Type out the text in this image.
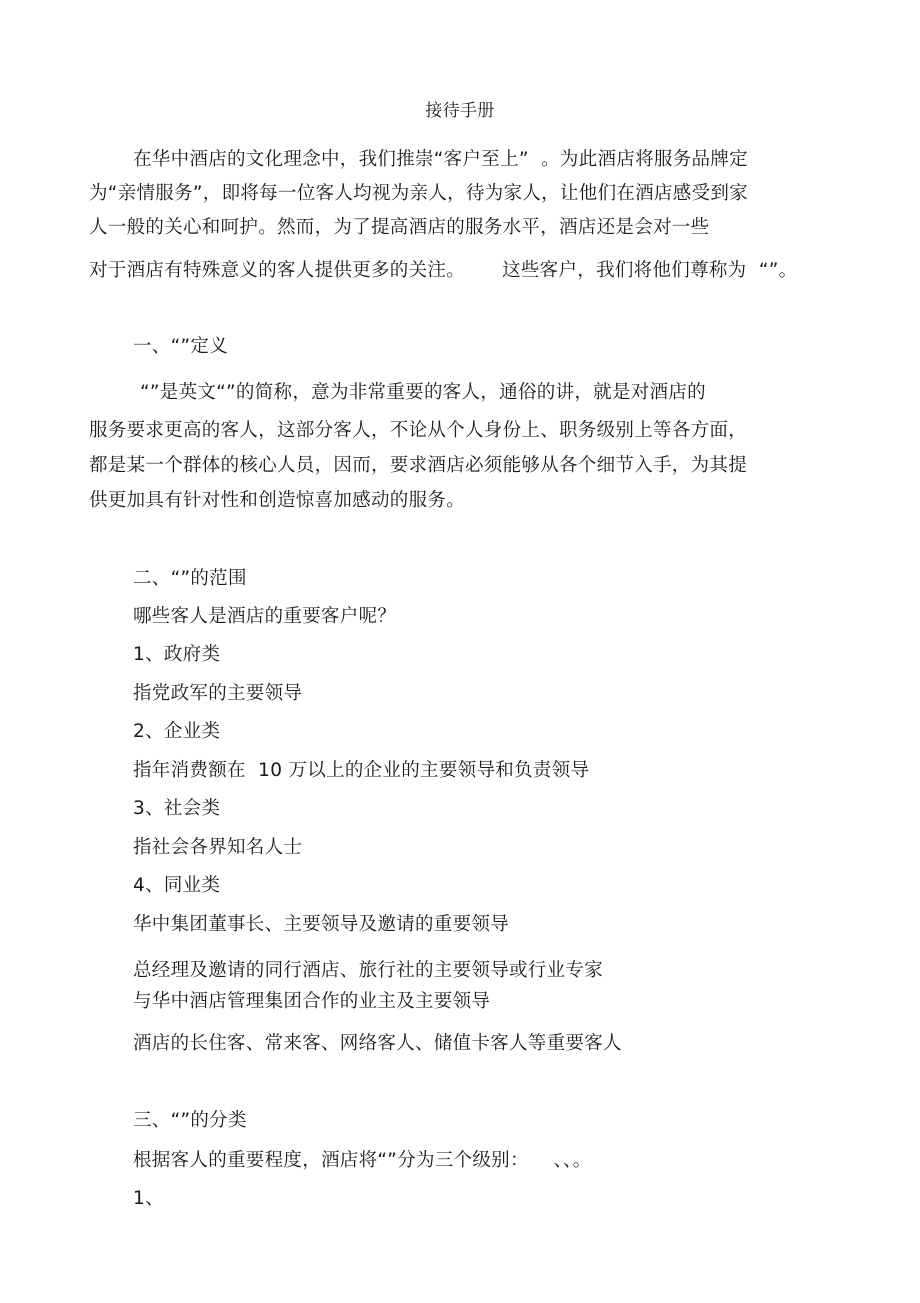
接待手册

在华中酒店的文化理念中，我们推崇“客户至上”  。为此酒店将服务品牌定

为“亲情服务”，即将每一位客人均视为亲人，待为家人，让他们在酒店感受到家

人一般的关心和呵护。然而，为了提高酒店的服务水平，酒店还是会对一些

对于酒店有特殊意义的客人提供更多的关注。      这些客户，我们将他们尊称为  “”。

一、“”定义

“”是英文“”的简称，意为非常重要的客人，通俗的讲，就是对酒店的

服务要求更高的客人，这部分客人，不论从个人身份上、职务级别上等各方面，

都是某一个群体的核心人员，因而，要求酒店必须能够从各个细节入手，为其提

供更加具有针对性和创造惊喜加感动的服务。

二、“”的范围

哪些客人是酒店的重要客户呢？

1、政府类

指党政军的主要领导

2、企业类

指年消费额在  10 万以上的企业的主要领导和负责领导

3、社会类

指社会各界知名人士

4、同业类

华中集团董事长、主要领导及邀请的重要领导

总经理及邀请的同行酒店、旅行社的主要领导或行业专家

与华中酒店管理集团合作的业主及主要领导

酒店的长住客、常来客、网络客人、储值卡客人等重要客人

三、“”的分类

根据客人的重要程度，酒店将“”分为三个级别：    、、。

1、
